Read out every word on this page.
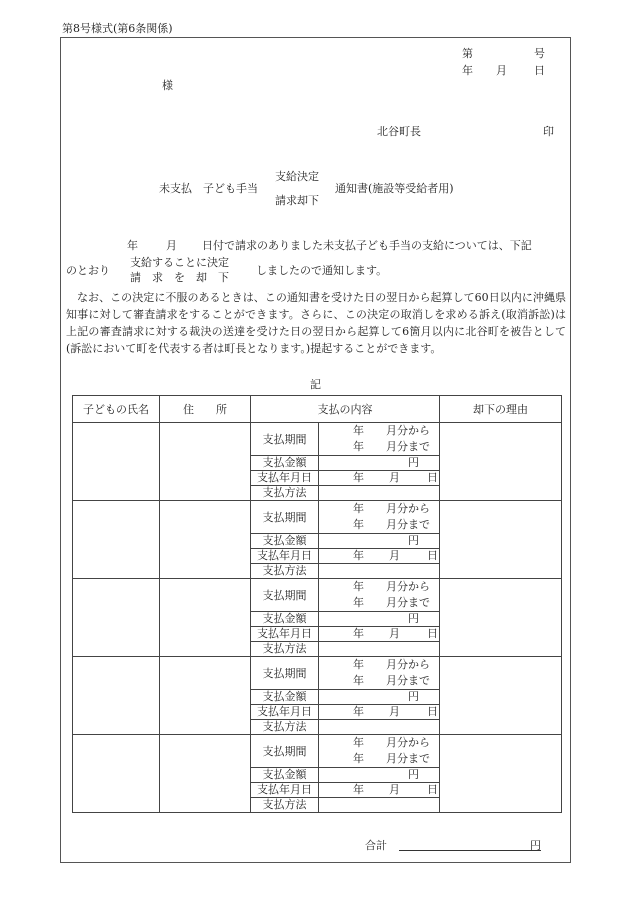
第8号様式(第6条関係)
第	号
年 月 日
様
北谷町長	印
未支払　子ども手当
支給決定
請求却下
通知書(施設等受給者用)
年	月 日付で請求のありました未支払子ども手当の支給については、下記
のとおり
支給することに決定
請　求　を　却　下
しましたので通知します。
なお、この決定に不服のあるときは、この通知書を受けた日の翌日から起算して60日以内に沖縄県知事に対して審査請求をすることができます。さらに、この決定の取消しを求める訴え(取消訴訟)は上記の審査請求に対する裁決の送達を受けた日の翌日から起算して6箇月以内に北谷町を被告として(訴訟において町を代表する者は町長となります。)提起することができます。
記
子どもの氏名	住　　所	支払の内容		却下の理由
		支払期間	年　　月分から
年　　月分まで	

		支払金額	円	
		支払年月日	年 月 日	
		支払方法		
		支払期間	年　　月分から
年　　月分まで	

		支払金額	円	
		支払年月日	年 月 日	
		支払方法		
		支払期間	年　　月分から
年　　月分まで	

		支払金額	円	
		支払年月日	年 月 日	
		支払方法		
		支払期間	年　　月分から
年　　月分まで	

		支払金額	円	
		支払年月日	年 月 日	
		支払方法		
		支払期間	年　　月分から
年　　月分まで	

		支払金額	円	
		支払年月日	年 月 日	
		支払方法		
合計	円
